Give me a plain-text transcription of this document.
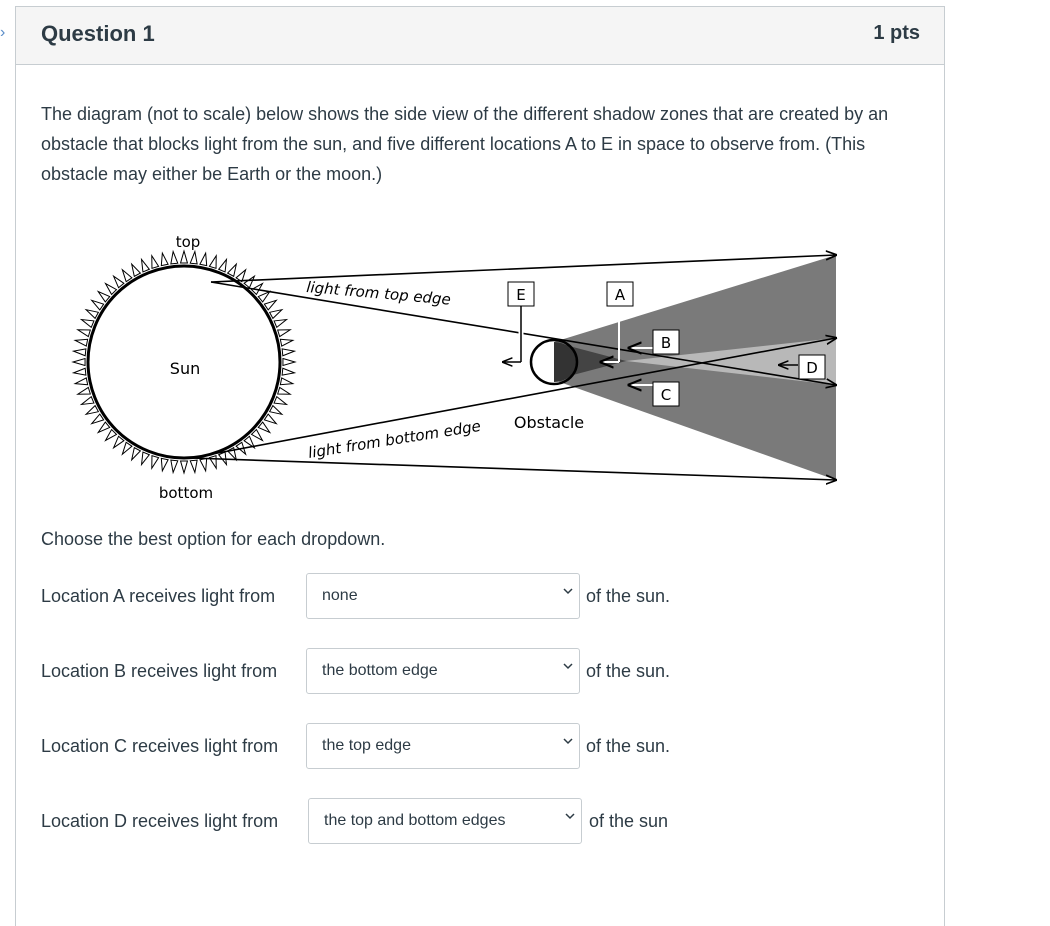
› Question 1	1 pts
The diagram (not to scale) below shows the side view of the different shadow zones that are created by an obstacle that blocks light from the sun, and five different locations A to E in space to observe from. (This obstacle may either be Earth or the moon.)
E	A
B
C
D
top
Sun
bottom
light from top edge
light from bottom edge Obstacle
Choose the best option for each dropdown.
Location A receives light from	none	of the sun.
Location B receives light from	the bottom edge	of the sun.
Location C receives light from	the top edge	of the sun.
Location D receives light from	the top and bottom edges	of the sun
